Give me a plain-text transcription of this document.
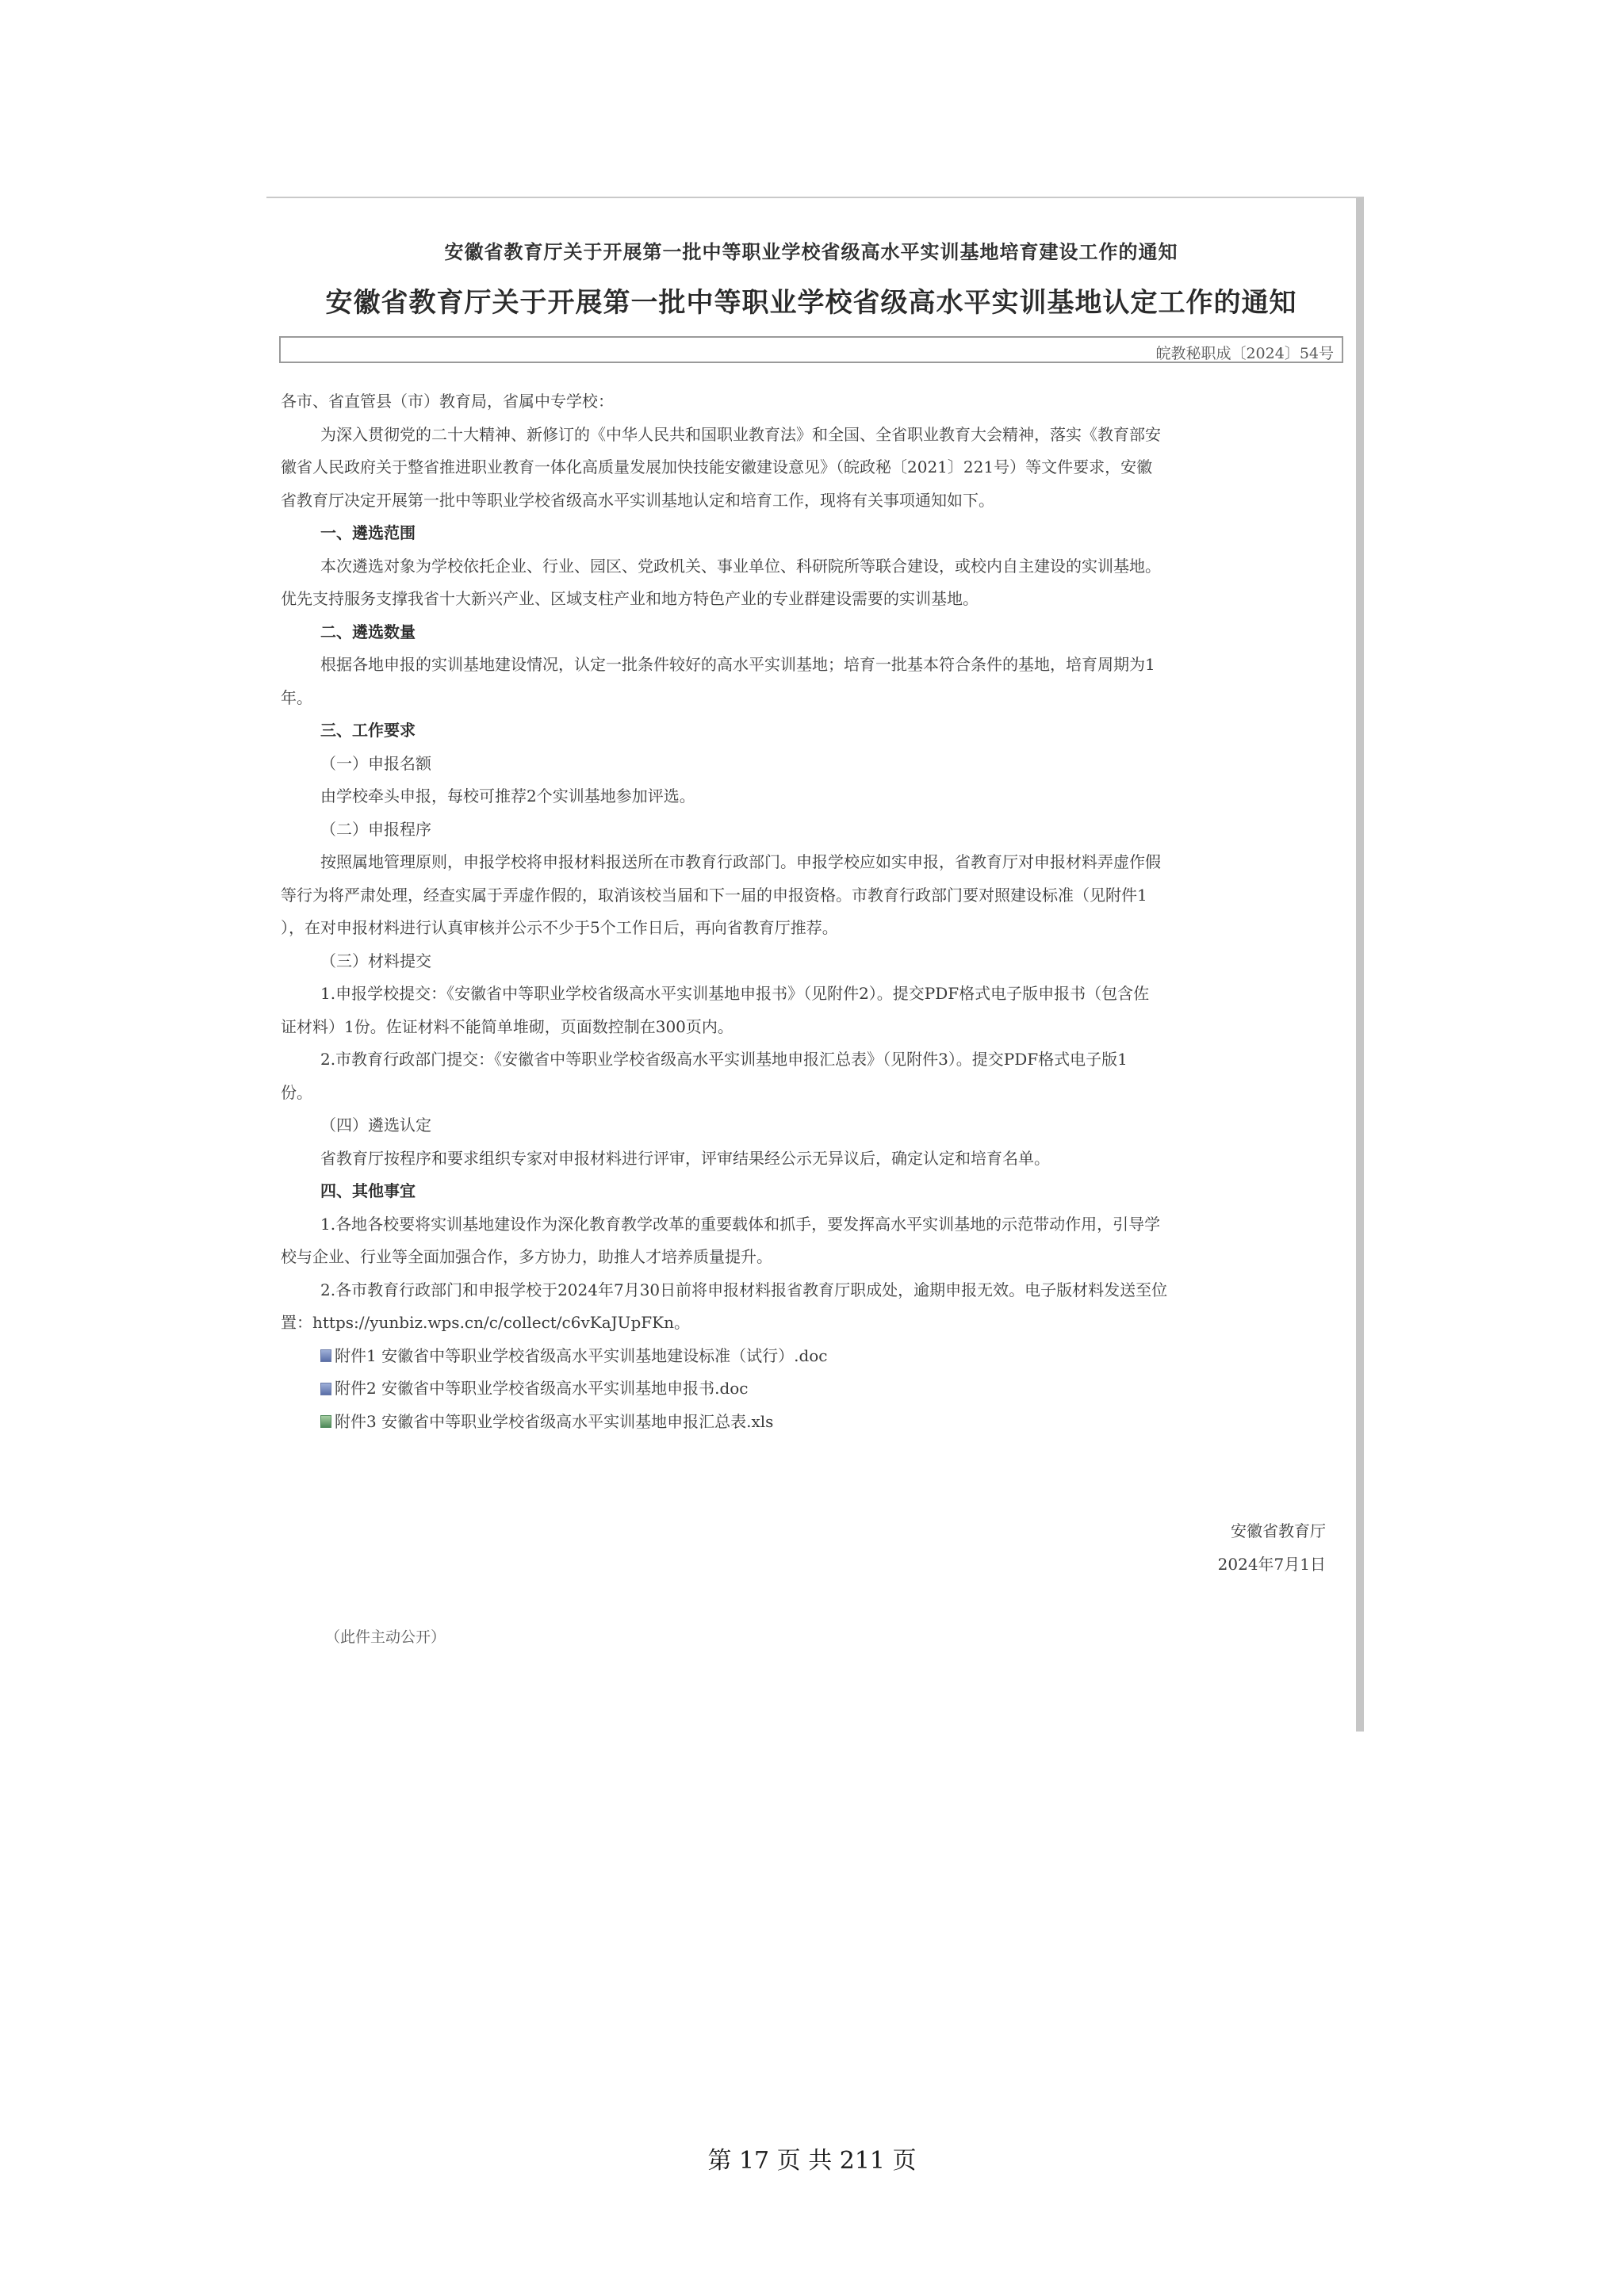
安徽省教育厅关于开展第一批中等职业学校省级高水平实训基地培育建设工作的通知
安徽省教育厅关于开展第一批中等职业学校省级高水平实训基地认定工作的通知
皖教秘职成〔2024〕54号
各市、省直管县（市）教育局，省属中专学校：
为深入贯彻党的二十大精神、新修订的《中华人民共和国职业教育法》和全国、全省职业教育大会精神，落实《教育部安
徽省人民政府关于整省推进职业教育一体化高质量发展加快技能安徽建设意见》（皖政秘〔2021〕221号）等文件要求，安徽
省教育厅决定开展第一批中等职业学校省级高水平实训基地认定和培育工作，现将有关事项通知如下。
一、遴选范围
本次遴选对象为学校依托企业、行业、园区、党政机关、事业单位、科研院所等联合建设，或校内自主建设的实训基地。
优先支持服务支撑我省十大新兴产业、区域支柱产业和地方特色产业的专业群建设需要的实训基地。
二、遴选数量
根据各地申报的实训基地建设情况，认定一批条件较好的高水平实训基地；培育一批基本符合条件的基地，培育周期为1
年。
三、工作要求
（一）申报名额
由学校牵头申报，每校可推荐2个实训基地参加评选。
（二）申报程序
按照属地管理原则，申报学校将申报材料报送所在市教育行政部门。申报学校应如实申报，省教育厅对申报材料弄虚作假
等行为将严肃处理，经查实属于弄虚作假的，取消该校当届和下一届的申报资格。市教育行政部门要对照建设标准（见附件1
），在对申报材料进行认真审核并公示不少于5个工作日后，再向省教育厅推荐。
（三）材料提交
1.申报学校提交：《安徽省中等职业学校省级高水平实训基地申报书》（见附件2）。提交PDF格式电子版申报书（包含佐
证材料）1份。佐证材料不能简单堆砌，页面数控制在300页内。
2.市教育行政部门提交：《安徽省中等职业学校省级高水平实训基地申报汇总表》（见附件3）。提交PDF格式电子版1
份。
（四）遴选认定
省教育厅按程序和要求组织专家对申报材料进行评审，评审结果经公示无异议后，确定认定和培育名单。
四、其他事宜
1.各地各校要将实训基地建设作为深化教育教学改革的重要载体和抓手，要发挥高水平实训基地的示范带动作用，引导学
校与企业、行业等全面加强合作，多方协力，助推人才培养质量提升。
2.各市教育行政部门和申报学校于2024年7月30日前将申报材料报省教育厅职成处，逾期申报无效。电子版材料发送至位
置：https://yunbiz.wps.cn/c/collect/c6vKaJUpFKn。
附件1 安徽省中等职业学校省级高水平实训基地建设标准（试行）.doc
附件2 安徽省中等职业学校省级高水平实训基地申报书.doc
附件3 安徽省中等职业学校省级高水平实训基地申报汇总表.xls
安徽省教育厅
2024年7月1日
（此件主动公开）
第 17 页 共 211 页
